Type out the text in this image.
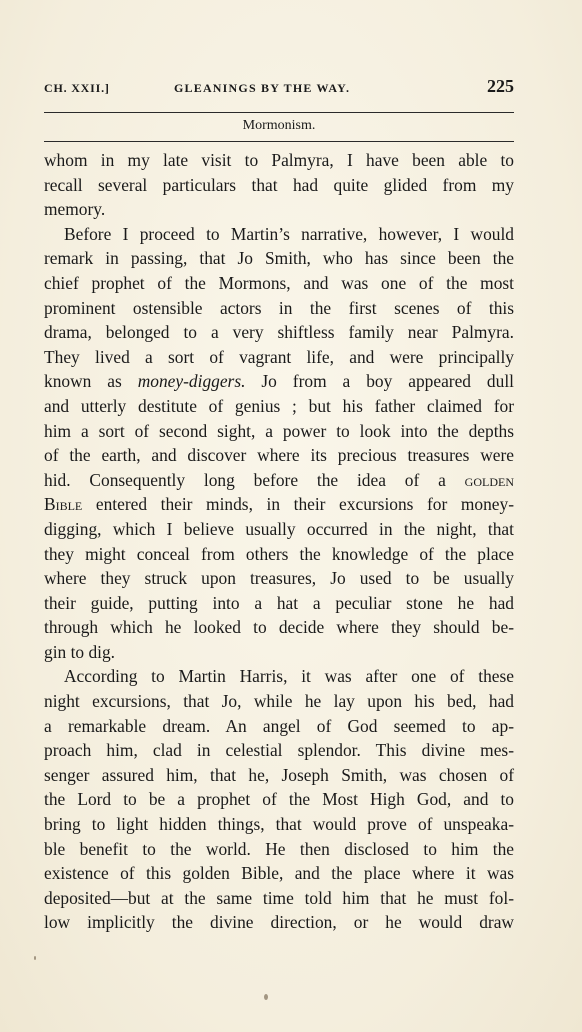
CH. XXII.]	GLEANINGS BY THE WAY.	225
Mormonism.
whom in my late visit to Palmyra, I have been able to
recall several particulars that had quite glided from my
memory.
Before I proceed to Martin’s narrative, however, I would
remark in passing, that Jo Smith, who has since been the
chief prophet of the Mormons, and was one of the most
prominent ostensible actors in the first scenes of this
drama, belonged to a very shiftless family near Palmyra.
They lived a sort of vagrant life, and were principally
known as money-diggers. Jo from a boy appeared dull
and utterly destitute of genius ; but his father claimed for
him a sort of second sight, a power to look into the depths
of the earth, and discover where its precious treasures were
hid. Consequently long before the idea of a golden
Bible entered their minds, in their excursions for money-
digging, which I believe usually occurred in the night, that
they might conceal from others the knowledge of the place
where they struck upon treasures, Jo used to be usually
their guide, putting into a hat a peculiar stone he had
through which he looked to decide where they should be-
gin to dig.
According to Martin Harris, it was after one of these
night excursions, that Jo, while he lay upon his bed, had
a remarkable dream. An angel of God seemed to ap-
proach him, clad in celestial splendor. This divine mes-
senger assured him, that he, Joseph Smith, was chosen of
the Lord to be a prophet of the Most High God, and to
bring to light hidden things, that would prove of unspeaka-
ble benefit to the world. He then disclosed to him the
existence of this golden Bible, and the place where it was
deposited—but at the same time told him that he must fol-
low implicitly the divine direction, or he would draw
